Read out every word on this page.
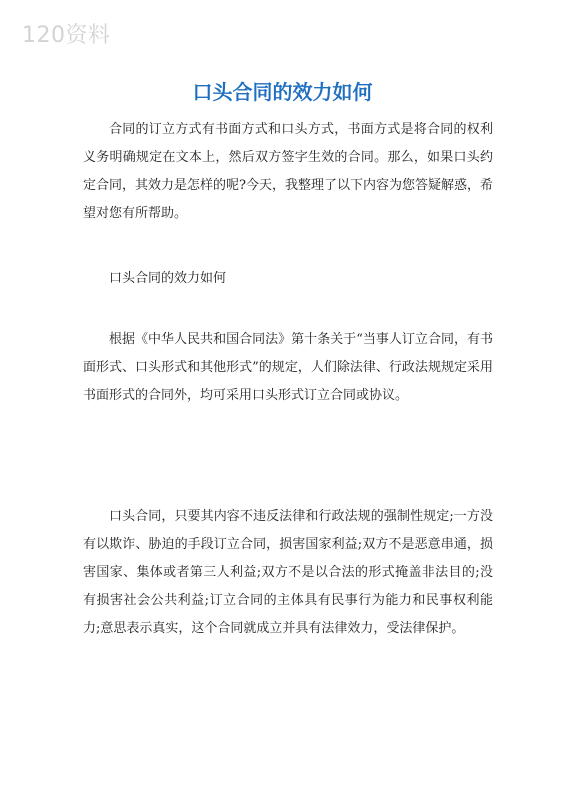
120资料
口头合同的效力如何

合同的订立方式有书面方式和口头方式，书面方式是将合同的权利义务明确规定在文本上，然后双方签字生效的合同。那么，如果口头约定合同，其效力是怎样的呢?今天，我整理了以下内容为您答疑解惑，希望对您有所帮助。

口头合同的效力如何

根据《中华人民共和国合同法》第十条关于“当事人订立合同，有书面形式、口头形式和其他形式”的规定，人们除法律、行政法规规定采用书面形式的合同外，均可采用口头形式订立合同或协议。

口头合同，只要其内容不违反法律和行政法规的强制性规定;一方没有以欺诈、胁迫的手段订立合同，损害国家利益;双方不是恶意串通，损害国家、集体或者第三人利益;双方不是以合法的形式掩盖非法目的;没有损害社会公共利益;订立合同的主体具有民事行为能力和民事权利能力;意思表示真实，这个合同就成立并具有法律效力，受法律保护。
